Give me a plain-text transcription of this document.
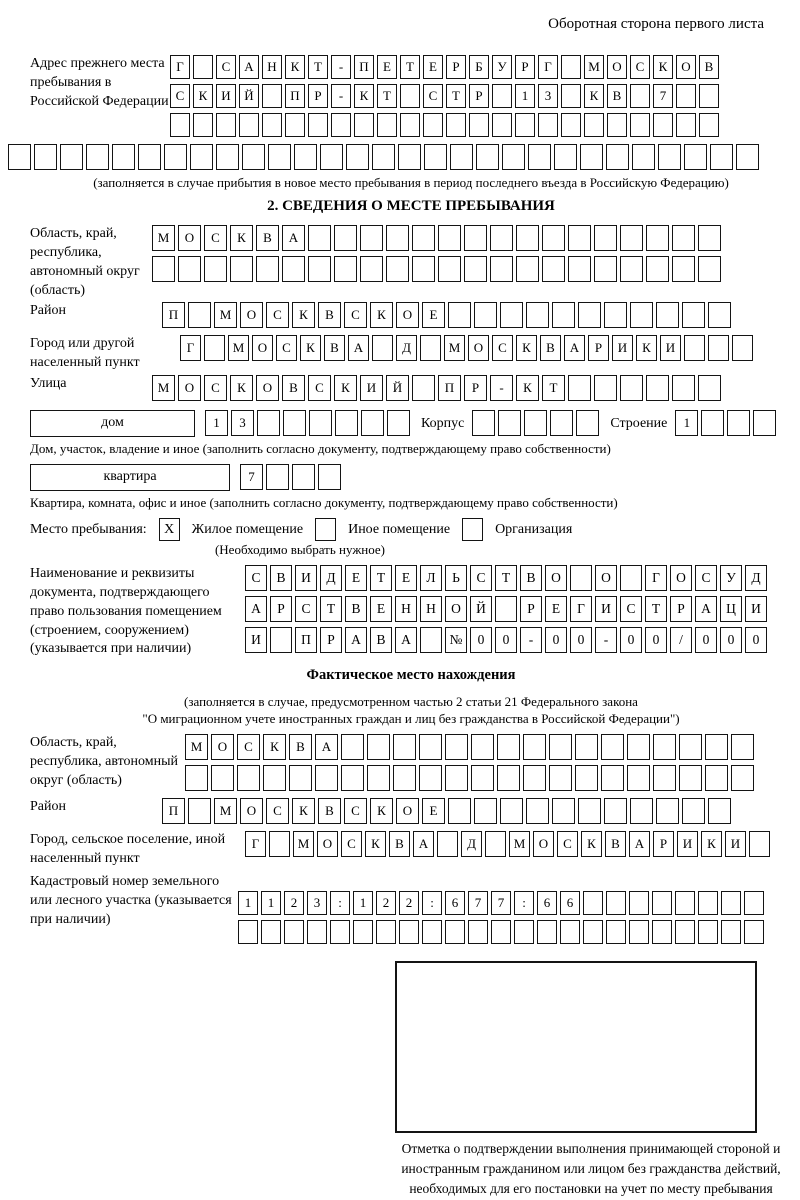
Оборотная сторона первого листа
Адрес прежнего места пребывания в Российской Федерации
Г	С А Н К Т - П Е Т Е Р Б У Р Г	М О С К О В
С К И Й	П Р - К Т	С Т Р	1 3	К В	7
(заполняется в случае прибытия в новое место пребывания в период последнего въезда в Российскую Федерацию)
2. СВЕДЕНИЯ О МЕСТЕ ПРЕБЫВАНИЯ
Область, край, республика, автономный округ (область)
М О С К В А
Район	П	М О С К В С К О Е
Город или другой населенный пункт
Г	М О С К В А	Д	М О С К В А Р И К И
Улица	М О С К О В С К И Й	П Р - К Т
дом	1 3	Корпус	Строение	1
Дом, участок, владение и иное (заполнить согласно документу, подтверждающему право собственности)
квартира	7
Квартира, комната, офис и иное (заполнить согласно документу, подтверждающему право собственности)
Место пребывания:	X	Жилое помещение	Иное помещение	Организация
(Необходимо выбрать нужное)
Наименование и реквизиты документа, подтверждающего право пользования помещением (строением, сооружением) (указывается при наличии)
С В И Д Е Т Е Л Ь С Т В О	О	Г О С У Д
А Р С Т В Е Н Н О Й	Р Е Г И С Т Р А Ц И
И	П Р А В А	№ 0 0 - 0 0 - 0 0 / 0 0 0
Фактическое место нахождения
(заполняется в случае, предусмотренном частью 2 статьи 21 Федерального закона
"О миграционном учете иностранных граждан и лиц без гражданства в Российской Федерации")
Область, край, республика, автономный округ (область)
М О С К В А
Район	П	М О С К В С К О Е
Город, сельское поселение, иной населенный пункт
Г	М О С К В А	Д	М О С К В А Р И К И
Кадастровый номер земельного или лесного участка (указывается при наличии)
1 1 2 3 : 1 2 2 : 6 7 7 : 6 6
Отметка о подтверждении выполнения принимающей стороной и иностранным гражданином или лицом без гражданства действий, необходимых для его постановки на учет по месту пребывания
